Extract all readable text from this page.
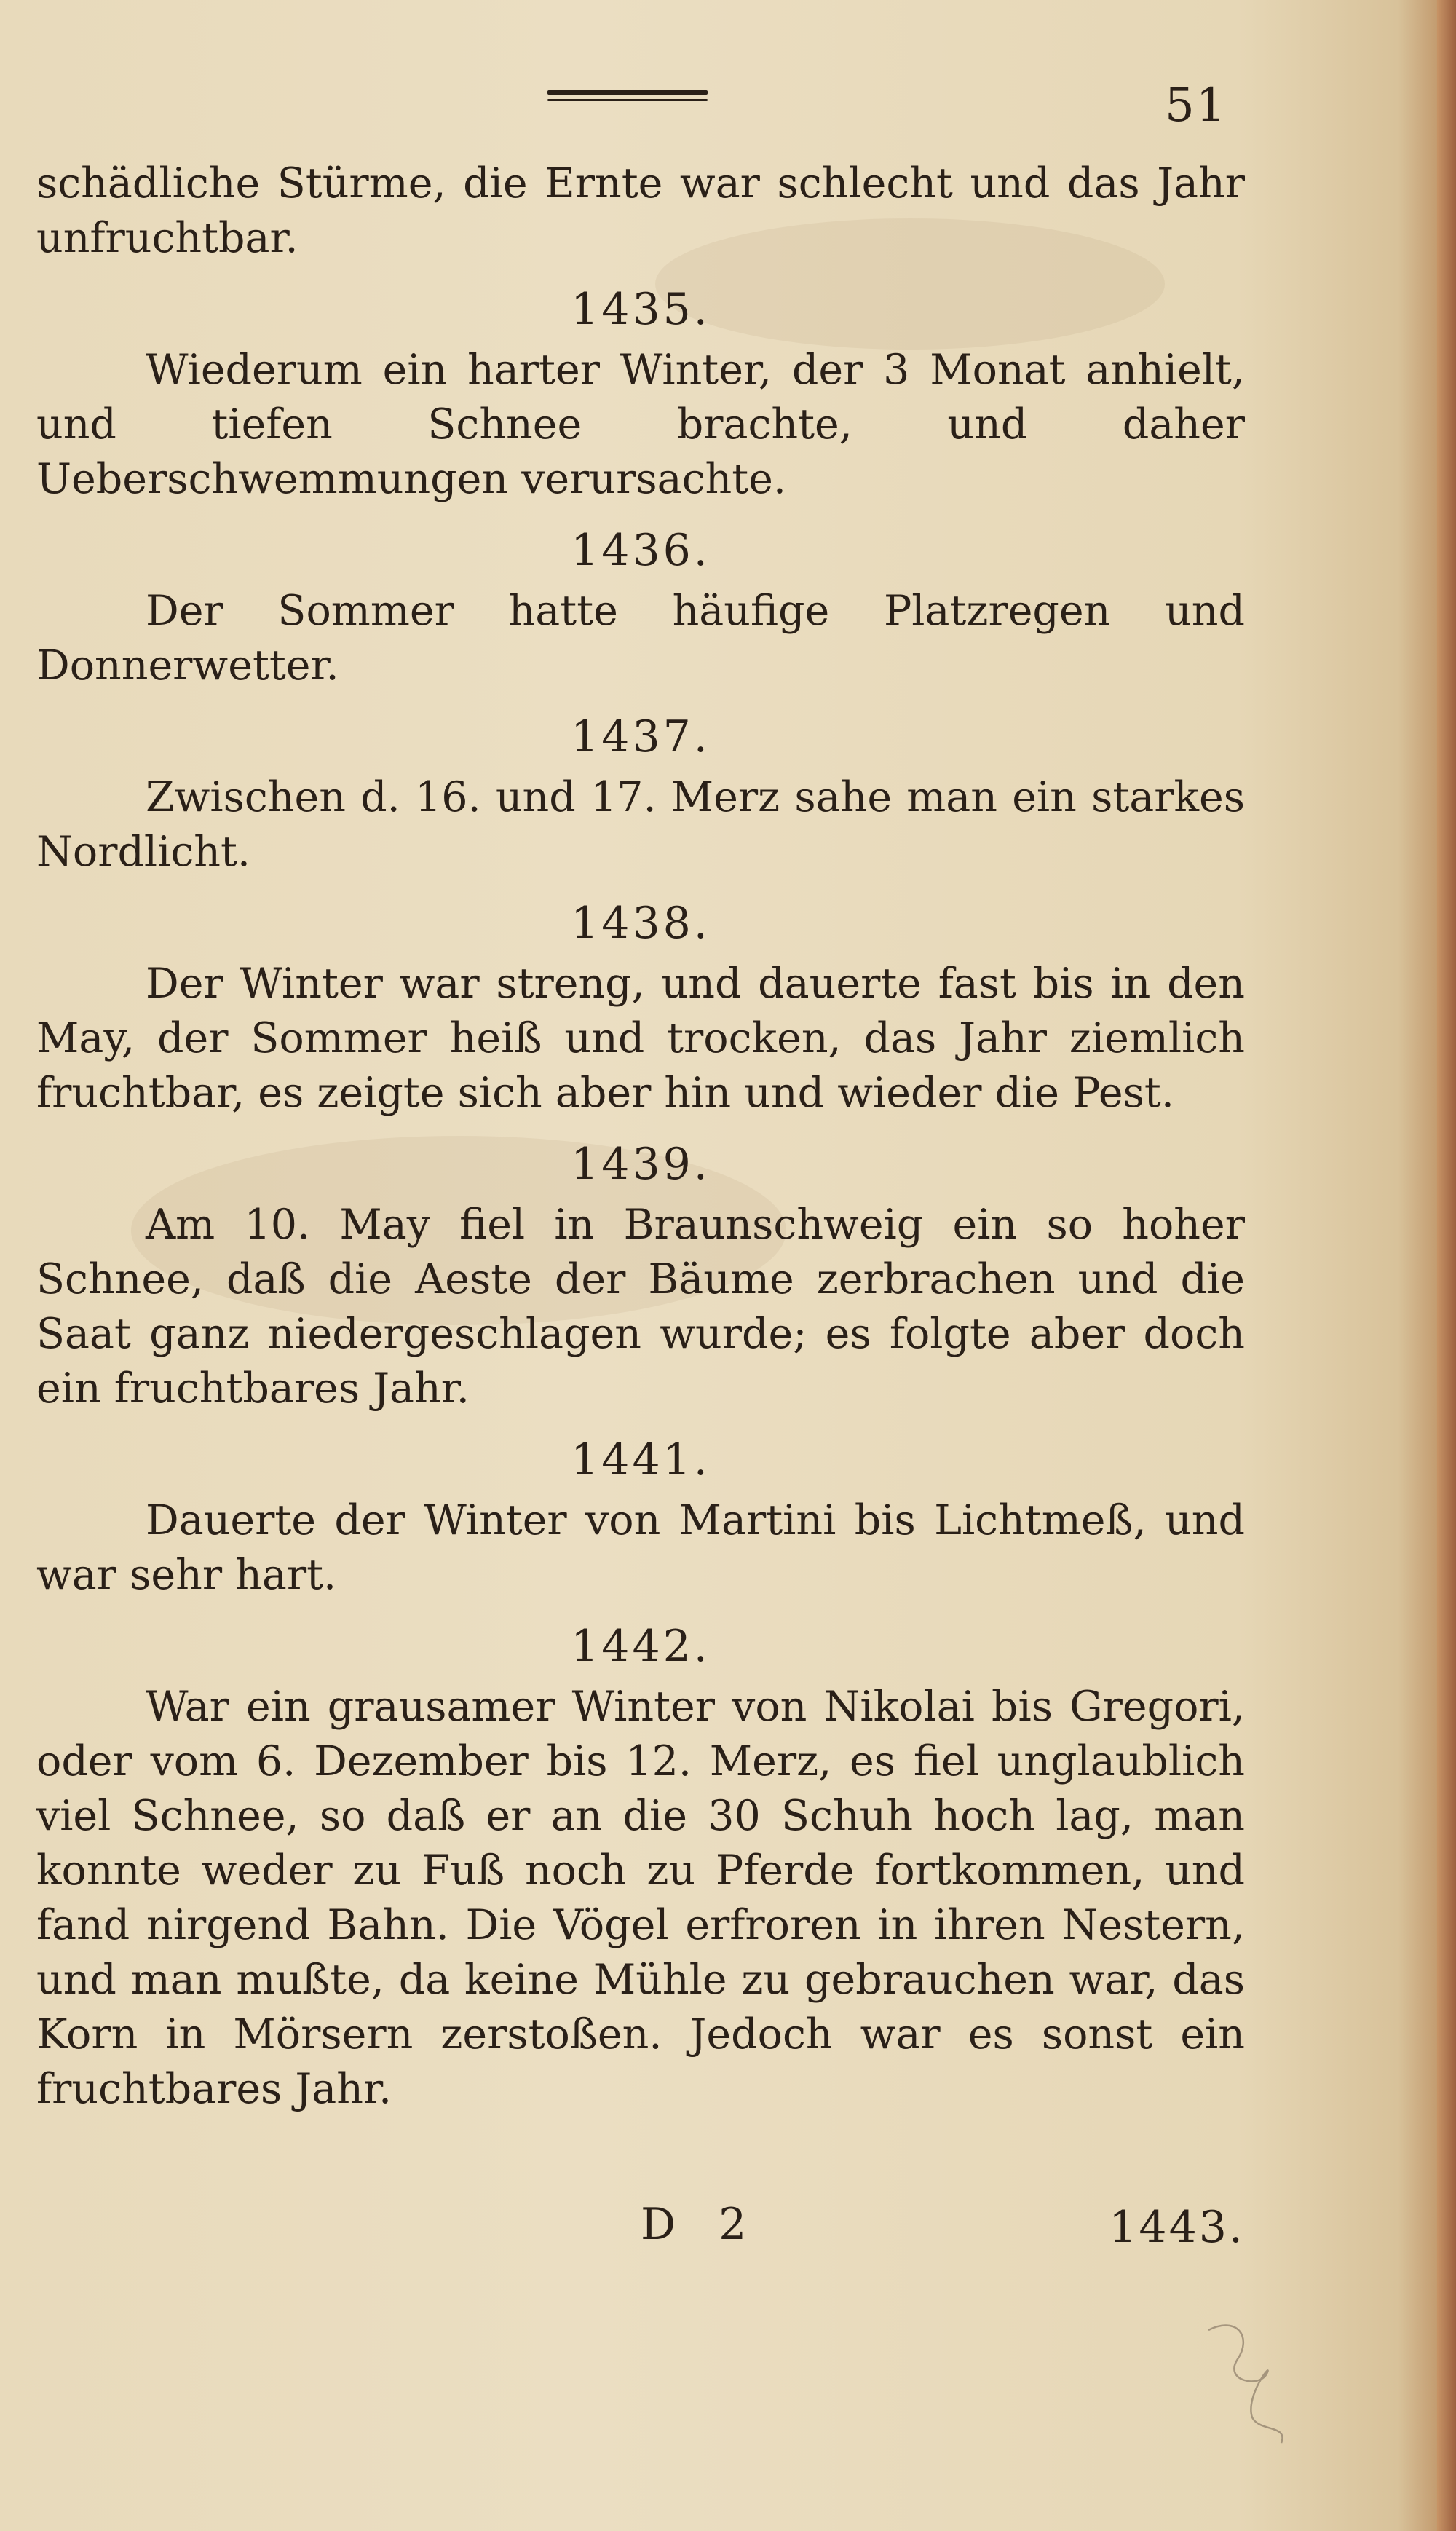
51

schädliche Stürme, die Ernte war schlecht und das Jahr unfruchtbar.

1435.

Wiederum ein harter Winter, der 3 Monat anhielt, und tiefen Schnee brachte, und daher Ueberschwemmungen verursachte.

1436.

Der Sommer hatte häufige Platzregen und Donnerwetter.

1437.

Zwischen d. 16. und 17. Merz sahe man ein starkes Nordlicht.

1438.

Der Winter war streng, und dauerte fast bis in den May, der Sommer heiß und trocken, das Jahr ziemlich fruchtbar, es zeigte sich aber hin und wieder die Pest.

1439.

Am 10. May fiel in Braunschweig ein so hoher Schnee, daß die Aeste der Bäume zerbrachen und die Saat ganz niedergeschlagen wurde; es folgte aber doch ein fruchtbares Jahr.

1441.

Dauerte der Winter von Martini bis Lichtmeß, und war sehr hart.

1442.

War ein grausamer Winter von Nikolai bis Gregori, oder vom 6. Dezember bis 12. Merz, es fiel unglaublich viel Schnee, so daß er an die 30 Schuh hoch lag, man konnte weder zu Fuß noch zu Pferde fortkommen, und fand nirgend Bahn. Die Vögel erfroren in ihren Nestern, und man mußte, da keine Mühle zu gebrauchen war, das Korn in Mörsern zerstoßen. Jedoch war es sonst ein fruchtbares Jahr.

D 2	1443.
